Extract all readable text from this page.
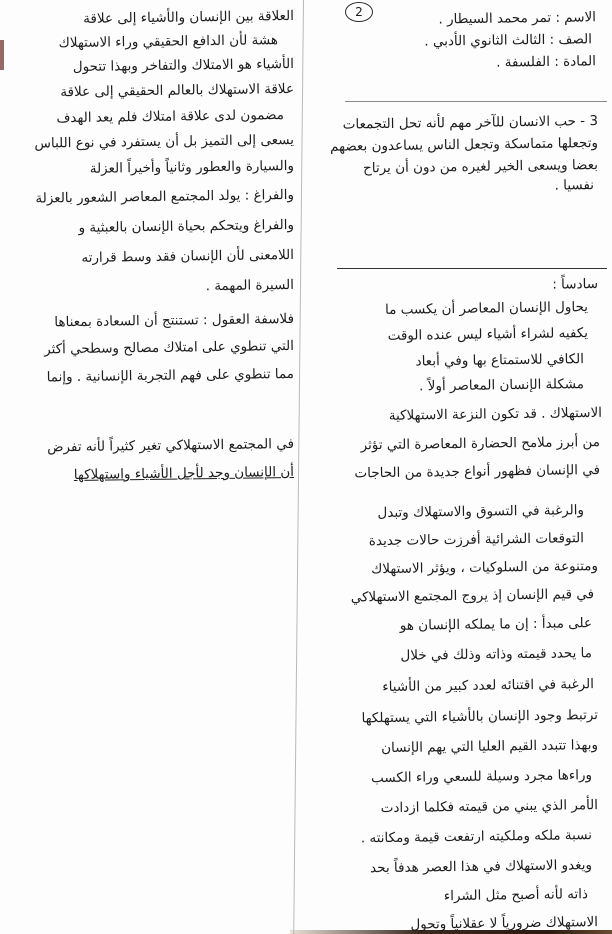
2	الاسم : تمر محمد السيطار .
الصف : الثالث الثانوي الأدبي .
المادة : الفلسفة .
3 - حب الانسان للآخر مهم لأنه تحل التجمعات
وتجعلها متماسكة وتجعل الناس يساعدون بعضهم
بعضا ويسعى الخير لغيره من دون أن يرتاح
نفسيا .
سادساً :
يحاول الإنسان المعاصر أن يكسب ما
يكفيه لشراء أشياء ليس عنده الوقت
الكافي للاستمتاع بها وفي أبعاد
مشكلة الإنسان المعاصر أولاً .
والرغبة في التسوق والاستهلاك وتبدل
التوقعات الشرائية أفرزت حالات جديدة
ومتنوعة من السلوكيات ، ويؤثر الاستهلاك
في قيم الإنسان إذ يروج المجتمع الاستهلاكي
على مبدأ : إن ما يملكه الإنسان هو
ما يحدد قيمته وذاته وذلك في خلال
الرغبة في اقتنائه لعدد كبير من الأشياء
ترتبط وجود الإنسان بالأشياء التي يستهلكها
وبهذا تتبدد القيم العليا التي يهم الإنسان
وراءها مجرد وسيلة للسعي وراء الكسب
الأمر الذي يبني من قيمته فكلما ازدادت
نسبة ملكه وملكيته ارتفعت قيمة ومكانته .
ويغدو الاستهلاك في هذا العصر هدفاً بحد
ذاته لأنه أصبح مثل الشراء
الاستهلاك ضرورياً لا عقلانياً وتحول
الاستهلاك . قد تكون النزعة الاستهلاكية
من أبرز ملامح الحضارة المعاصرة التي تؤثر
في الإنسان فظهور أنواع جديدة من الحاجات
العلاقة بين الإنسان والأشياء إلى علاقة
هشة لأن الدافع الحقيقي وراء الاستهلاك
الأشياء هو الامتلاك والتفاخر وبهذا تتحول
علاقة الاستهلاك بالعالم الحقيقي إلى علاقة
مضمون لدى علاقة امتلاك فلم يعد الهدف
يسعى إلى التميز بل أن يستفرد في نوع اللباس
والسيارة والعطور وثانياً وأخيراً العزلة
والفراغ : يولد المجتمع المعاصر الشعور بالعزلة
والفراغ ويتحكم بحياة الإنسان بالعبثية و
اللامعنى لأن الإنسان فقد وسط قرارته
السيرة المهمة .
فلاسفة العقول : تستنتج أن السعادة بمعناها
التي تنطوي على امتلاك مصالح وسطحي أكثر
مما تنطوي على فهم التجربة الإنسانية . وإنما
في المجتمع الاستهلاكي تغير كثيراً لأنه تفرض
أن الإنسان وجد لأجل الأشياء واستهلاكها
